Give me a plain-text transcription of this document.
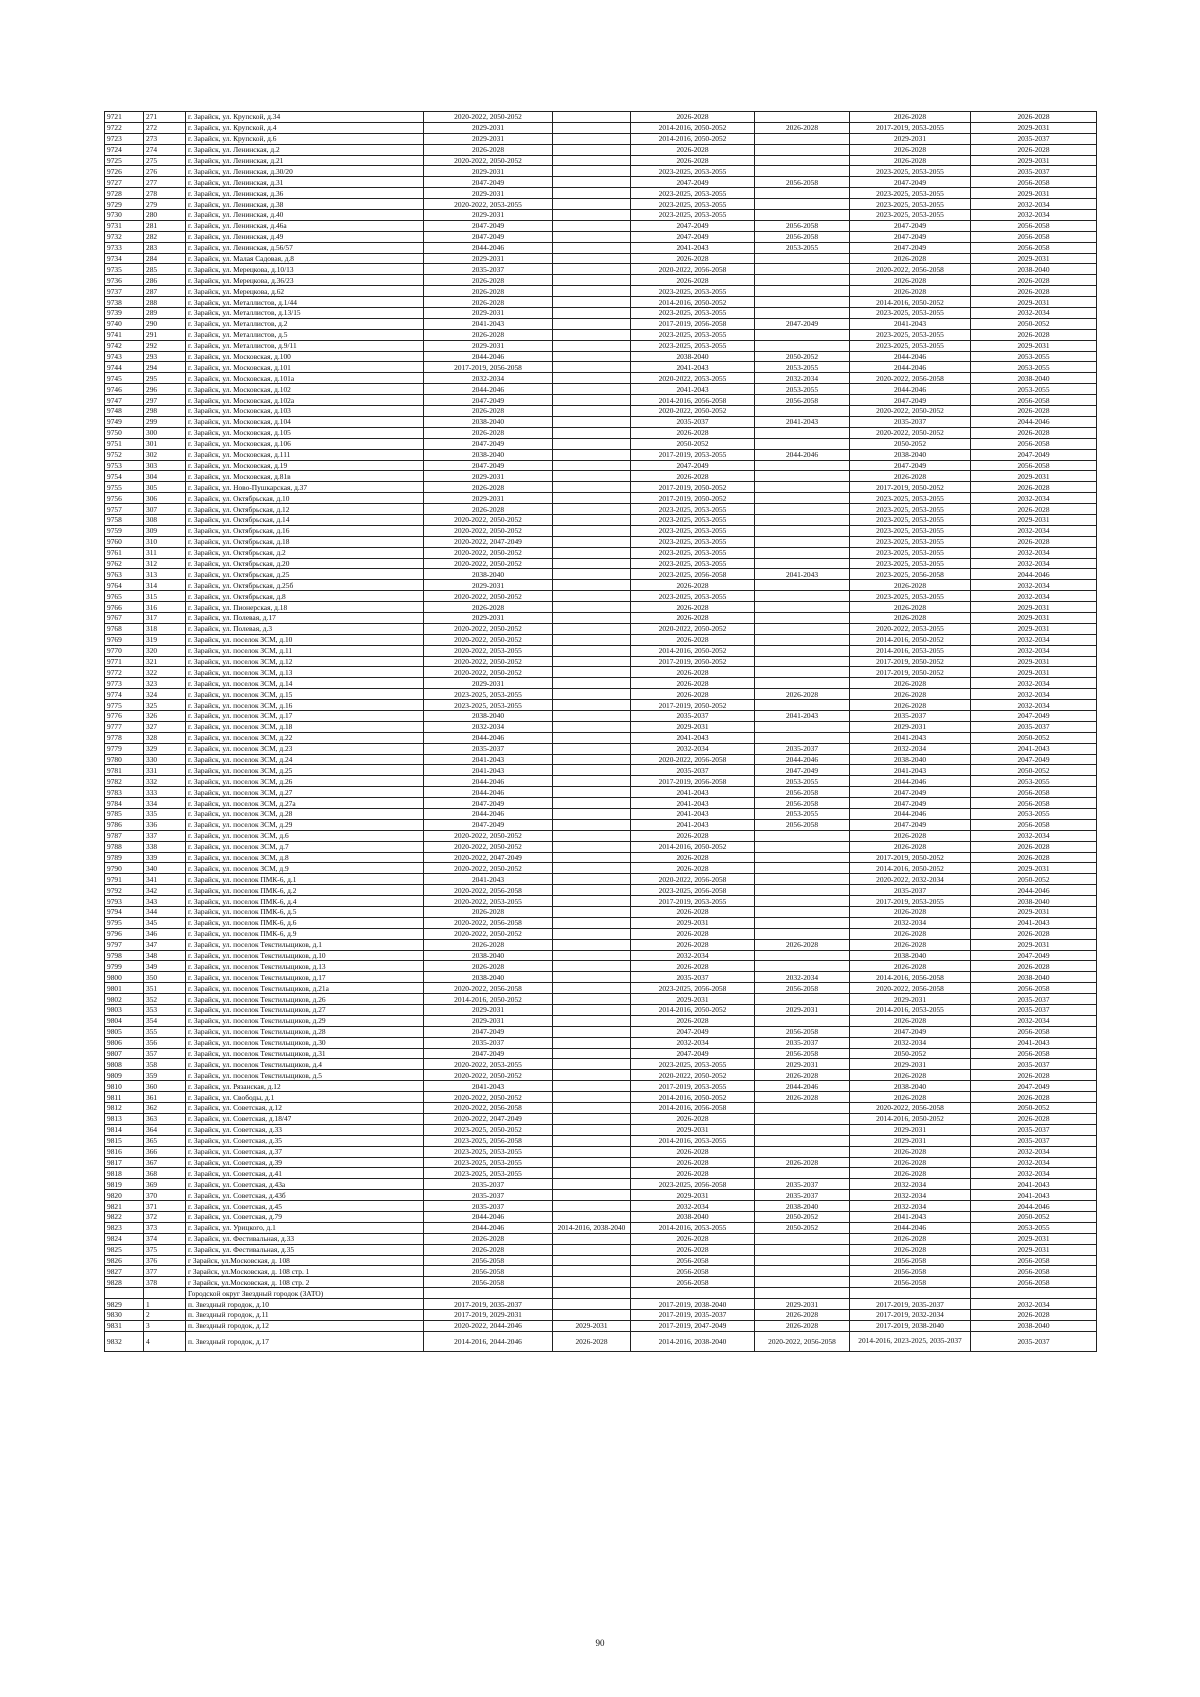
9721	271	г. Зарайск, ул. Крупской, д.34	2020-2022, 2050-2052		2026-2028		2026-2028	2026-2028
9722	272	г. Зарайск, ул. Крупской, д.4	2029-2031		2014-2016, 2050-2052	2026-2028	2017-2019, 2053-2055	2029-2031
9723	273	г. Зарайск, ул. Крупской, д.6	2029-2031		2014-2016, 2050-2052		2029-2031	2035-2037
9724	274	г. Зарайск, ул. Ленинская, д.2	2026-2028		2026-2028		2026-2028	2026-2028
9725	275	г. Зарайск, ул. Ленинская, д.21	2020-2022, 2050-2052		2026-2028		2026-2028	2029-2031
9726	276	г. Зарайск, ул. Ленинская, д.30/20	2029-2031		2023-2025, 2053-2055		2023-2025, 2053-2055	2035-2037
9727	277	г. Зарайск, ул. Ленинская, д.31	2047-2049		2047-2049	2056-2058	2047-2049	2056-2058
9728	278	г. Зарайск, ул. Ленинская, д.36	2029-2031		2023-2025, 2053-2055		2023-2025, 2053-2055	2029-2031
9729	279	г. Зарайск, ул. Ленинская, д.38	2020-2022, 2053-2055		2023-2025, 2053-2055		2023-2025, 2053-2055	2032-2034
9730	280	г. Зарайск, ул. Ленинская, д.40	2029-2031		2023-2025, 2053-2055		2023-2025, 2053-2055	2032-2034
9731	281	г. Зарайск, ул. Ленинская, д.46а	2047-2049		2047-2049	2056-2058	2047-2049	2056-2058
9732	282	г. Зарайск, ул. Ленинская, д.49	2047-2049		2047-2049	2056-2058	2047-2049	2056-2058
9733	283	г. Зарайск, ул. Ленинская, д.56/57	2044-2046		2041-2043	2053-2055	2047-2049	2056-2058
9734	284	г. Зарайск, ул. Малая Садовая, д.8	2029-2031		2026-2028		2026-2028	2029-2031
9735	285	г. Зарайск, ул. Мерецкова, д.10/13	2035-2037		2020-2022, 2056-2058		2020-2022, 2056-2058	2038-2040
9736	286	г. Зарайск, ул. Мерецкова, д.36/23	2026-2028		2026-2028		2026-2028	2026-2028
9737	287	г. Зарайск, ул. Мерецкова, д.62	2026-2028		2023-2025, 2053-2055		2026-2028	2026-2028
9738	288	г. Зарайск, ул. Металлистов, д.1/44	2026-2028		2014-2016, 2050-2052		2014-2016, 2050-2052	2029-2031
9739	289	г. Зарайск, ул. Металлистов, д.13/15	2029-2031		2023-2025, 2053-2055		2023-2025, 2053-2055	2032-2034
9740	290	г. Зарайск, ул. Металлистов, д.2	2041-2043		2017-2019, 2056-2058	2047-2049	2041-2043	2050-2052
9741	291	г. Зарайск, ул. Металлистов, д.5	2026-2028		2023-2025, 2053-2055		2023-2025, 2053-2055	2026-2028
9742	292	г. Зарайск, ул. Металлистов, д.9/11	2029-2031		2023-2025, 2053-2055		2023-2025, 2053-2055	2029-2031
9743	293	г. Зарайск, ул. Московская, д.100	2044-2046		2038-2040	2050-2052	2044-2046	2053-2055
9744	294	г. Зарайск, ул. Московская, д.101	2017-2019, 2056-2058		2041-2043	2053-2055	2044-2046	2053-2055
9745	295	г. Зарайск, ул. Московская, д.101а	2032-2034		2020-2022, 2053-2055	2032-2034	2020-2022, 2056-2058	2038-2040
9746	296	г. Зарайск, ул. Московская, д.102	2044-2046		2041-2043	2053-2055	2044-2046	2053-2055
9747	297	г. Зарайск, ул. Московская, д.102а	2047-2049		2014-2016, 2056-2058	2056-2058	2047-2049	2056-2058
9748	298	г. Зарайск, ул. Московская, д.103	2026-2028		2020-2022, 2050-2052		2020-2022, 2050-2052	2026-2028
9749	299	г. Зарайск, ул. Московская, д.104	2038-2040		2035-2037	2041-2043	2035-2037	2044-2046
9750	300	г. Зарайск, ул. Московская, д.105	2026-2028		2026-2028		2020-2022, 2050-2052	2026-2028
9751	301	г. Зарайск, ул. Московская, д.106	2047-2049		2050-2052		2050-2052	2056-2058
9752	302	г. Зарайск, ул. Московская, д.111	2038-2040		2017-2019, 2053-2055	2044-2046	2038-2040	2047-2049
9753	303	г. Зарайск, ул. Московская, д.19	2047-2049		2047-2049		2047-2049	2056-2058
9754	304	г. Зарайск, ул. Московская, д.81в	2029-2031		2026-2028		2026-2028	2029-2031
9755	305	г. Зарайск, ул. Ново-Пушкарская, д.37	2026-2028		2017-2019, 2050-2052		2017-2019, 2050-2052	2026-2028
9756	306	г. Зарайск, ул. Октябрьская, д.10	2029-2031		2017-2019, 2050-2052		2023-2025, 2053-2055	2032-2034
9757	307	г. Зарайск, ул. Октябрьская, д.12	2026-2028		2023-2025, 2053-2055		2023-2025, 2053-2055	2026-2028
9758	308	г. Зарайск, ул. Октябрьская, д.14	2020-2022, 2050-2052		2023-2025, 2053-2055		2023-2025, 2053-2055	2029-2031
9759	309	г. Зарайск, ул. Октябрьская, д.16	2020-2022, 2050-2052		2023-2025, 2053-2055		2023-2025, 2053-2055	2032-2034
9760	310	г. Зарайск, ул. Октябрьская, д.18	2020-2022, 2047-2049		2023-2025, 2053-2055		2023-2025, 2053-2055	2026-2028
9761	311	г. Зарайск, ул. Октябрьская, д.2	2020-2022, 2050-2052		2023-2025, 2053-2055		2023-2025, 2053-2055	2032-2034
9762	312	г. Зарайск, ул. Октябрьская, д.20	2020-2022, 2050-2052		2023-2025, 2053-2055		2023-2025, 2053-2055	2032-2034
9763	313	г. Зарайск, ул. Октябрьская, д.25	2038-2040		2023-2025, 2056-2058	2041-2043	2023-2025, 2056-2058	2044-2046
9764	314	г. Зарайск, ул. Октябрьская, д.25б	2029-2031		2026-2028		2026-2028	2032-2034
9765	315	г. Зарайск, ул. Октябрьская, д.8	2020-2022, 2050-2052		2023-2025, 2053-2055		2023-2025, 2053-2055	2032-2034
9766	316	г. Зарайск, ул. Пионерская, д.18	2026-2028		2026-2028		2026-2028	2029-2031
9767	317	г. Зарайск, ул. Полевая, д.17	2029-2031		2026-2028		2026-2028	2029-2031
9768	318	г. Зарайск, ул. Полевая, д.3	2020-2022, 2050-2052		2020-2022, 2050-2052		2020-2022, 2053-2055	2029-2031
9769	319	г. Зарайск, ул. поселок ЗСМ, д.10	2020-2022, 2050-2052		2026-2028		2014-2016, 2050-2052	2032-2034
9770	320	г. Зарайск, ул. поселок ЗСМ, д.11	2020-2022, 2053-2055		2014-2016, 2050-2052		2014-2016, 2053-2055	2032-2034
9771	321	г. Зарайск, ул. поселок ЗСМ, д.12	2020-2022, 2050-2052		2017-2019, 2050-2052		2017-2019, 2050-2052	2029-2031
9772	322	г. Зарайск, ул. поселок ЗСМ, д.13	2020-2022, 2050-2052		2026-2028		2017-2019, 2050-2052	2029-2031
9773	323	г. Зарайск, ул. поселок ЗСМ, д.14	2029-2031		2026-2028		2026-2028	2032-2034
9774	324	г. Зарайск, ул. поселок ЗСМ, д.15	2023-2025, 2053-2055		2026-2028	2026-2028	2026-2028	2032-2034
9775	325	г. Зарайск, ул. поселок ЗСМ, д.16	2023-2025, 2053-2055		2017-2019, 2050-2052		2026-2028	2032-2034
9776	326	г. Зарайск, ул. поселок ЗСМ, д.17	2038-2040		2035-2037	2041-2043	2035-2037	2047-2049
9777	327	г. Зарайск, ул. поселок ЗСМ, д.18	2032-2034		2029-2031		2029-2031	2035-2037
9778	328	г. Зарайск, ул. поселок ЗСМ, д.22	2044-2046		2041-2043		2041-2043	2050-2052
9779	329	г. Зарайск, ул. поселок ЗСМ, д.23	2035-2037		2032-2034	2035-2037	2032-2034	2041-2043
9780	330	г. Зарайск, ул. поселок ЗСМ, д.24	2041-2043		2020-2022, 2056-2058	2044-2046	2038-2040	2047-2049
9781	331	г. Зарайск, ул. поселок ЗСМ, д.25	2041-2043		2035-2037	2047-2049	2041-2043	2050-2052
9782	332	г. Зарайск, ул. поселок ЗСМ, д.26	2044-2046		2017-2019, 2056-2058	2053-2055	2044-2046	2053-2055
9783	333	г. Зарайск, ул. поселок ЗСМ, д.27	2044-2046		2041-2043	2056-2058	2047-2049	2056-2058
9784	334	г. Зарайск, ул. поселок ЗСМ, д.27а	2047-2049		2041-2043	2056-2058	2047-2049	2056-2058
9785	335	г. Зарайск, ул. поселок ЗСМ, д.28	2044-2046		2041-2043	2053-2055	2044-2046	2053-2055
9786	336	г. Зарайск, ул. поселок ЗСМ, д.29	2047-2049		2041-2043	2056-2058	2047-2049	2056-2058
9787	337	г. Зарайск, ул. поселок ЗСМ, д.6	2020-2022, 2050-2052		2026-2028		2026-2028	2032-2034
9788	338	г. Зарайск, ул. поселок ЗСМ, д.7	2020-2022, 2050-2052		2014-2016, 2050-2052		2026-2028	2026-2028
9789	339	г. Зарайск, ул. поселок ЗСМ, д.8	2020-2022, 2047-2049		2026-2028		2017-2019, 2050-2052	2026-2028
9790	340	г. Зарайск, ул. поселок ЗСМ, д.9	2020-2022, 2050-2052		2026-2028		2014-2016, 2050-2052	2029-2031
9791	341	г. Зарайск, ул. поселок ПМК-6, д.1	2041-2043		2020-2022, 2056-2058		2020-2022, 2032-2034	2050-2052
9792	342	г. Зарайск, ул. поселок ПМК-6, д.2	2020-2022, 2056-2058		2023-2025, 2056-2058		2035-2037	2044-2046
9793	343	г. Зарайск, ул. поселок ПМК-6, д.4	2020-2022, 2053-2055		2017-2019, 2053-2055		2017-2019, 2053-2055	2038-2040
9794	344	г. Зарайск, ул. поселок ПМК-6, д.5	2026-2028		2026-2028		2026-2028	2029-2031
9795	345	г. Зарайск, ул. поселок ПМК-6, д.6	2020-2022, 2056-2058		2029-2031		2032-2034	2041-2043
9796	346	г. Зарайск, ул. поселок ПМК-6, д.9	2020-2022, 2050-2052		2026-2028		2026-2028	2026-2028
9797	347	г. Зарайск, ул. поселок Текстильщиков, д.1	2026-2028		2026-2028	2026-2028	2026-2028	2029-2031
9798	348	г. Зарайск, ул. поселок Текстильщиков, д.10	2038-2040		2032-2034		2038-2040	2047-2049
9799	349	г. Зарайск, ул. поселок Текстильщиков, д.13	2026-2028		2026-2028		2026-2028	2026-2028
9800	350	г. Зарайск, ул. поселок Текстильщиков, д.17	2038-2040		2035-2037	2032-2034	2014-2016, 2056-2058	2038-2040
9801	351	г. Зарайск, ул. поселок Текстильщиков, д.21а	2020-2022, 2056-2058		2023-2025, 2056-2058	2056-2058	2020-2022, 2056-2058	2056-2058
9802	352	г. Зарайск, ул. поселок Текстильщиков, д.26	2014-2016, 2050-2052		2029-2031		2029-2031	2035-2037
9803	353	г. Зарайск, ул. поселок Текстильщиков, д.27	2029-2031		2014-2016, 2050-2052	2029-2031	2014-2016, 2053-2055	2035-2037
9804	354	г. Зарайск, ул. поселок Текстильщиков, д.29	2029-2031		2026-2028		2026-2028	2032-2034
9805	355	г. Зарайск, ул. поселок Текстильщиков, д.28	2047-2049		2047-2049	2056-2058	2047-2049	2056-2058
9806	356	г. Зарайск, ул. поселок Текстильщиков, д.30	2035-2037		2032-2034	2035-2037	2032-2034	2041-2043
9807	357	г. Зарайск, ул. поселок Текстильщиков, д.31	2047-2049		2047-2049	2056-2058	2050-2052	2056-2058
9808	358	г. Зарайск, ул. поселок Текстильщиков, д.4	2020-2022, 2053-2055		2023-2025, 2053-2055	2029-2031	2029-2031	2035-2037
9809	359	г. Зарайск, ул. поселок Текстильщиков, д.5	2020-2022, 2050-2052		2020-2022, 2050-2052	2026-2028	2026-2028	2026-2028
9810	360	г. Зарайск, ул. Рязанская, д.12	2041-2043		2017-2019, 2053-2055	2044-2046	2038-2040	2047-2049
9811	361	г. Зарайск, ул. Свободы, д.1	2020-2022, 2050-2052		2014-2016, 2050-2052	2026-2028	2026-2028	2026-2028
9812	362	г. Зарайск, ул. Советская, д.12	2020-2022, 2056-2058		2014-2016, 2056-2058		2020-2022, 2056-2058	2050-2052
9813	363	г. Зарайск, ул. Советская, д.18/47	2020-2022, 2047-2049		2026-2028		2014-2016, 2050-2052	2026-2028
9814	364	г. Зарайск, ул. Советская, д.33	2023-2025, 2050-2052		2029-2031		2029-2031	2035-2037
9815	365	г. Зарайск, ул. Советская, д.35	2023-2025, 2056-2058		2014-2016, 2053-2055		2029-2031	2035-2037
9816	366	г. Зарайск, ул. Советская, д.37	2023-2025, 2053-2055		2026-2028		2026-2028	2032-2034
9817	367	г. Зарайск, ул. Советская, д.39	2023-2025, 2053-2055		2026-2028	2026-2028	2026-2028	2032-2034
9818	368	г. Зарайск, ул. Советская, д.41	2023-2025, 2053-2055		2026-2028		2026-2028	2032-2034
9819	369	г. Зарайск, ул. Советская, д.43а	2035-2037		2023-2025, 2056-2058	2035-2037	2032-2034	2041-2043
9820	370	г. Зарайск, ул. Советская, д.43б	2035-2037		2029-2031	2035-2037	2032-2034	2041-2043
9821	371	г. Зарайск, ул. Советская, д.45	2035-2037		2032-2034	2038-2040	2032-2034	2044-2046
9822	372	г. Зарайск, ул. Советская, д.79	2044-2046		2038-2040	2050-2052	2041-2043	2050-2052
9823	373	г. Зарайск, ул. Урицкого, д.1	2044-2046	2014-2016, 2038-2040	2014-2016, 2053-2055	2050-2052	2044-2046	2053-2055
9824	374	г. Зарайск, ул. Фестивальная, д.33	2026-2028		2026-2028		2026-2028	2029-2031
9825	375	г. Зарайск, ул. Фестивальная, д.35	2026-2028		2026-2028		2026-2028	2029-2031
9826	376	г Зарайск, ул.Московская, д. 108	2056-2058		2056-2058		2056-2058	2056-2058
9827	377	г Зарайск, ул.Московская, д. 108 стр. 1	2056-2058		2056-2058		2056-2058	2056-2058
9828	378	г Зарайск, ул.Московская, д. 108 стр. 2	2056-2058		2056-2058		2056-2058	2056-2058
		Городской округ Звездный городок (ЗАТО)						
9829	1	п. Звездный городок, д.10	2017-2019, 2035-2037		2017-2019, 2038-2040	2029-2031	2017-2019, 2035-2037	2032-2034
9830	2	п. Звездный городок, д.11	2017-2019, 2029-2031		2017-2019, 2035-2037	2026-2028	2017-2019, 2032-2034	2026-2028
9831	3	п. Звездный городок, д.12	2020-2022, 2044-2046	2029-2031	2017-2019, 2047-2049	2026-2028	2017-2019, 2038-2040	2038-2040
9832	4	п. Звездный городок, д.17	2014-2016, 2044-2046	2026-2028	2014-2016, 2038-2040	2020-2022, 2056-2058	2014-2016, 2023-2025, 2035-2037	2035-2037
90
